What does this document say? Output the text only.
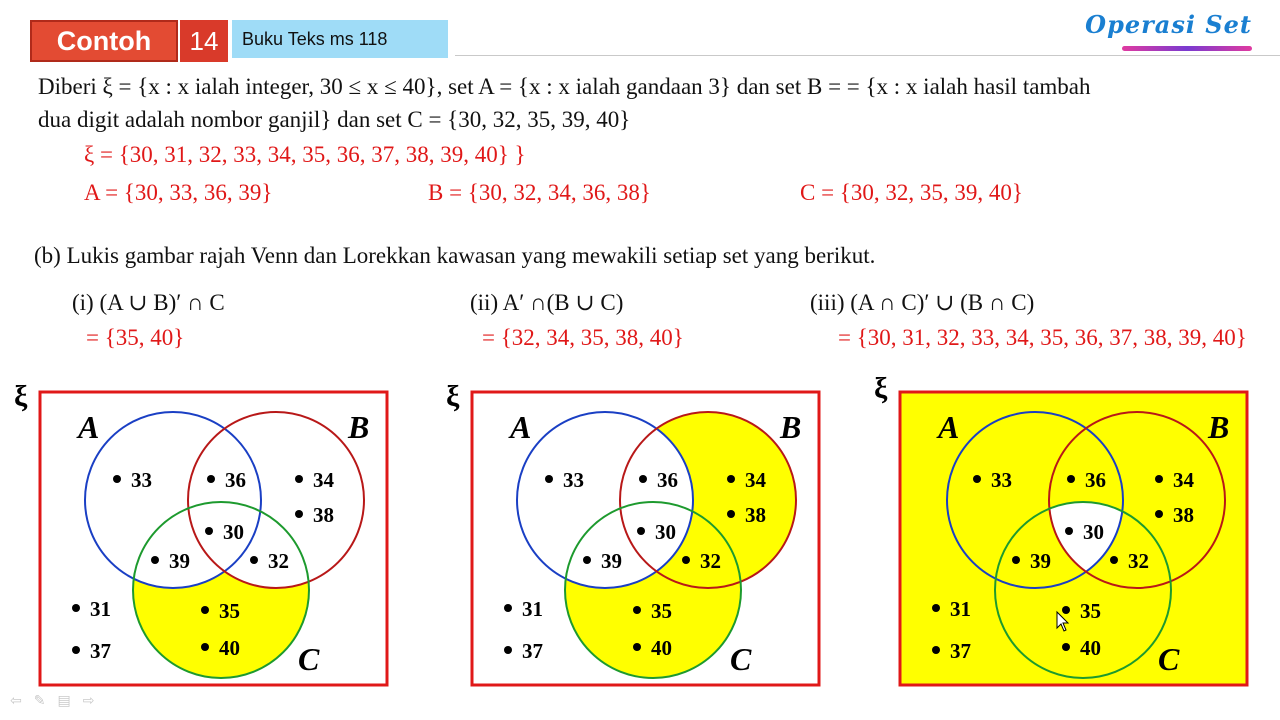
Contoh	14	Buku Teks ms 118	Operasi Set
Diberi ξ = {x : x ialah integer, 30 ≤ x ≤ 40}, set A = {x : x ialah gandaan 3} dan set B = = {x : x ialah hasil tambah
dua digit adalah nombor ganjil} dan set C = {30, 32, 35, 39, 40}
ξ = {30, 31, 32, 33, 34, 35, 36, 37, 38, 39, 40} }
A = {30, 33, 36, 39}	B = {30, 32, 34, 36, 38}	C = {30, 32, 35, 39, 40}
(b) Lukis gambar rajah Venn dan Lorekkan kawasan yang mewakili setiap set yang berikut.
(i) (A ∪ B)′ ∩ C
= {35, 40}
(ii) A′ ∩(B ∪ C)
= {32, 34, 35, 38, 40}
(iii) (A ∩ C)′ ∪ (B ∩ C)
= {30, 31, 32, 33, 34, 35, 36, 37, 38, 39, 40}
ξ
A	B
C
33	36	34
38
30
39	32
31
37
35
40
ξ
A	B
C
33	36	34
38
30
39	32
31
37
35
40
ξ
A	B
C
33	36	34
38
30
39	32
31
37
35
40
⇦✎▤⇨
